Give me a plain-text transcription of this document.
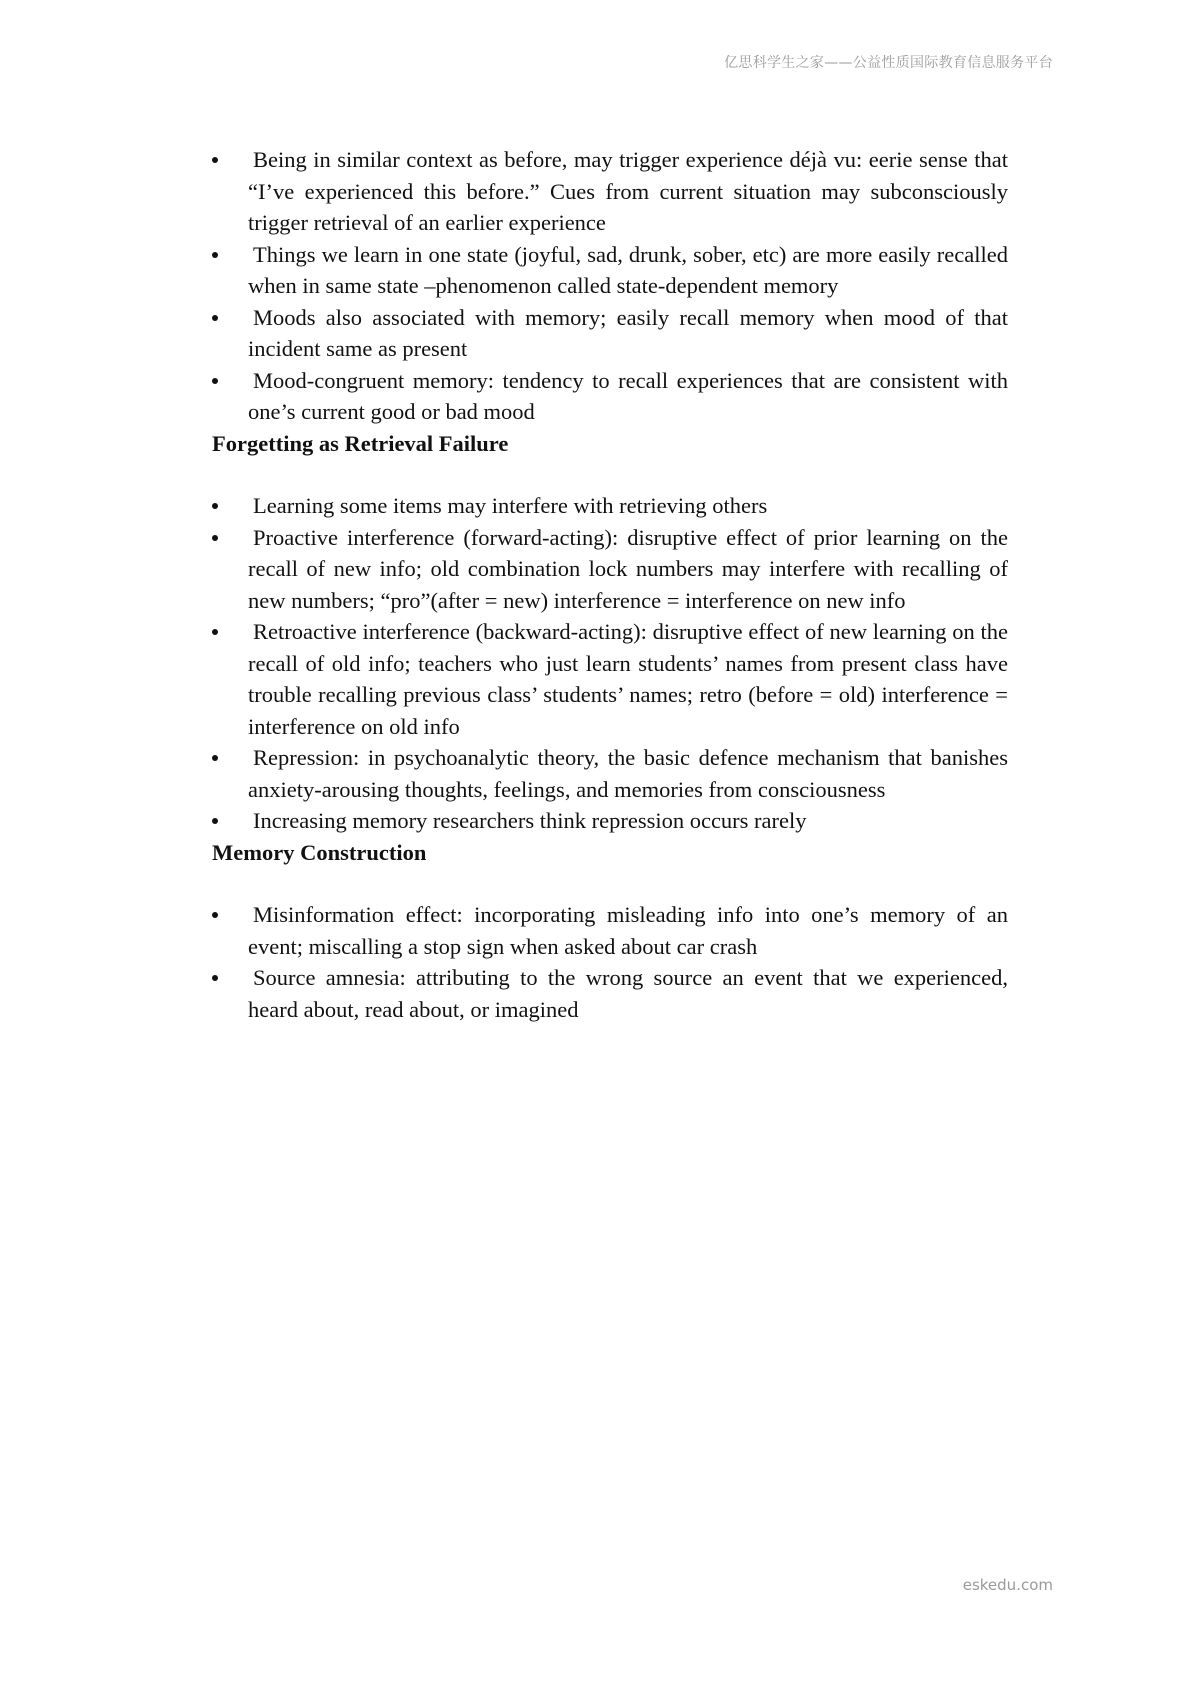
亿思科学生之家——公益性质国际教育信息服务平台
Being in similar context as before, may trigger experience déjà vu: eerie sense that “I’ve experienced this before.” Cues from current situation may subconsciously trigger retrieval of an earlier experience
Things we learn in one state (joyful, sad, drunk, sober, etc) are more easily recalled when in same state –phenomenon called state-dependent memory
Moods also associated with memory; easily recall memory when mood of that incident same as present
Mood-congruent memory: tendency to recall experiences that are consistent with one’s current good or bad mood
Forgetting as Retrieval Failure
Learning some items may interfere with retrieving others
Proactive interference (forward-acting): disruptive effect of prior learning on the recall of new info; old combination lock numbers may interfere with recalling of new numbers; “pro”(after = new) interference = interference on new info
Retroactive interference (backward-acting): disruptive effect of new learning on the recall of old info; teachers who just learn students’ names from present class have trouble recalling previous class’ students’ names; retro (before = old) interference = interference on old info
Repression: in psychoanalytic theory, the basic defence mechanism that banishes anxiety-arousing thoughts, feelings, and memories from consciousness
Increasing memory researchers think repression occurs rarely
Memory Construction
Misinformation effect: incorporating misleading info into one’s memory of an event; miscalling a stop sign when asked about car crash
Source amnesia: attributing to the wrong source an event that we experienced, heard about, read about, or imagined
eskedu.com
